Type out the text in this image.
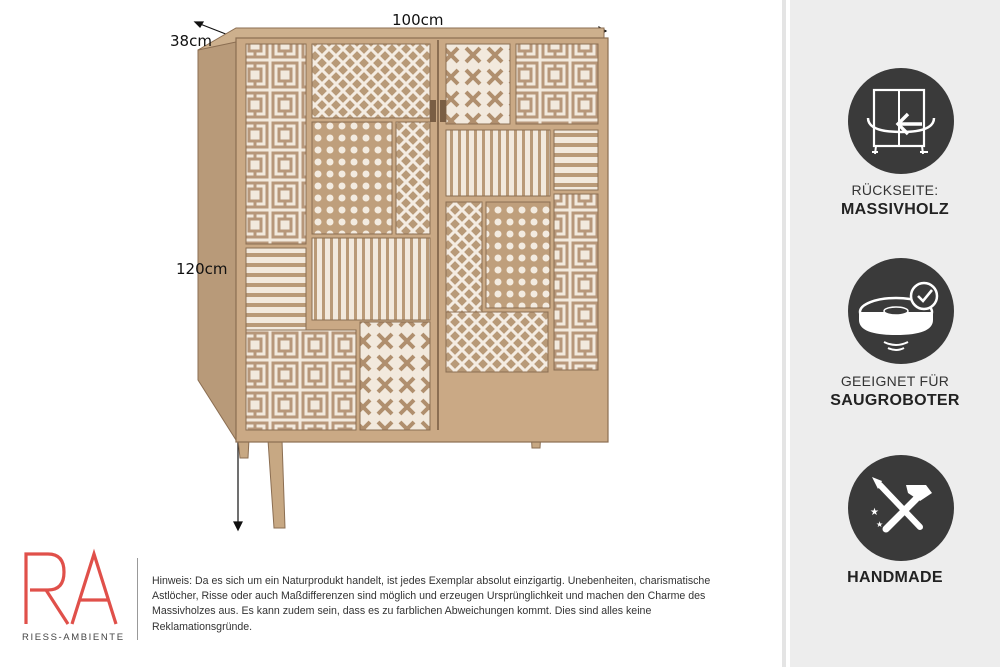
100cm
38cm
120cm
RIESS-AMBIENTE
Hinweis: Da es sich um ein Naturprodukt handelt, ist jedes Exemplar absolut einzigartig. Unebenheiten, charismatische Astlöcher, Risse oder auch Maßdifferenzen sind möglich und erzeugen Ursprünglichkeit und machen den Charme des Massivholzes aus. Es kann zudem sein, dass es zu farblichen Abweichungen kommt. Dies sind alles keine Reklamationsgründe.
RÜCKSEITE:
MASSIVHOLZ
GEEIGNET FÜR
SAUGROBOTER
★
★
HANDMADE
